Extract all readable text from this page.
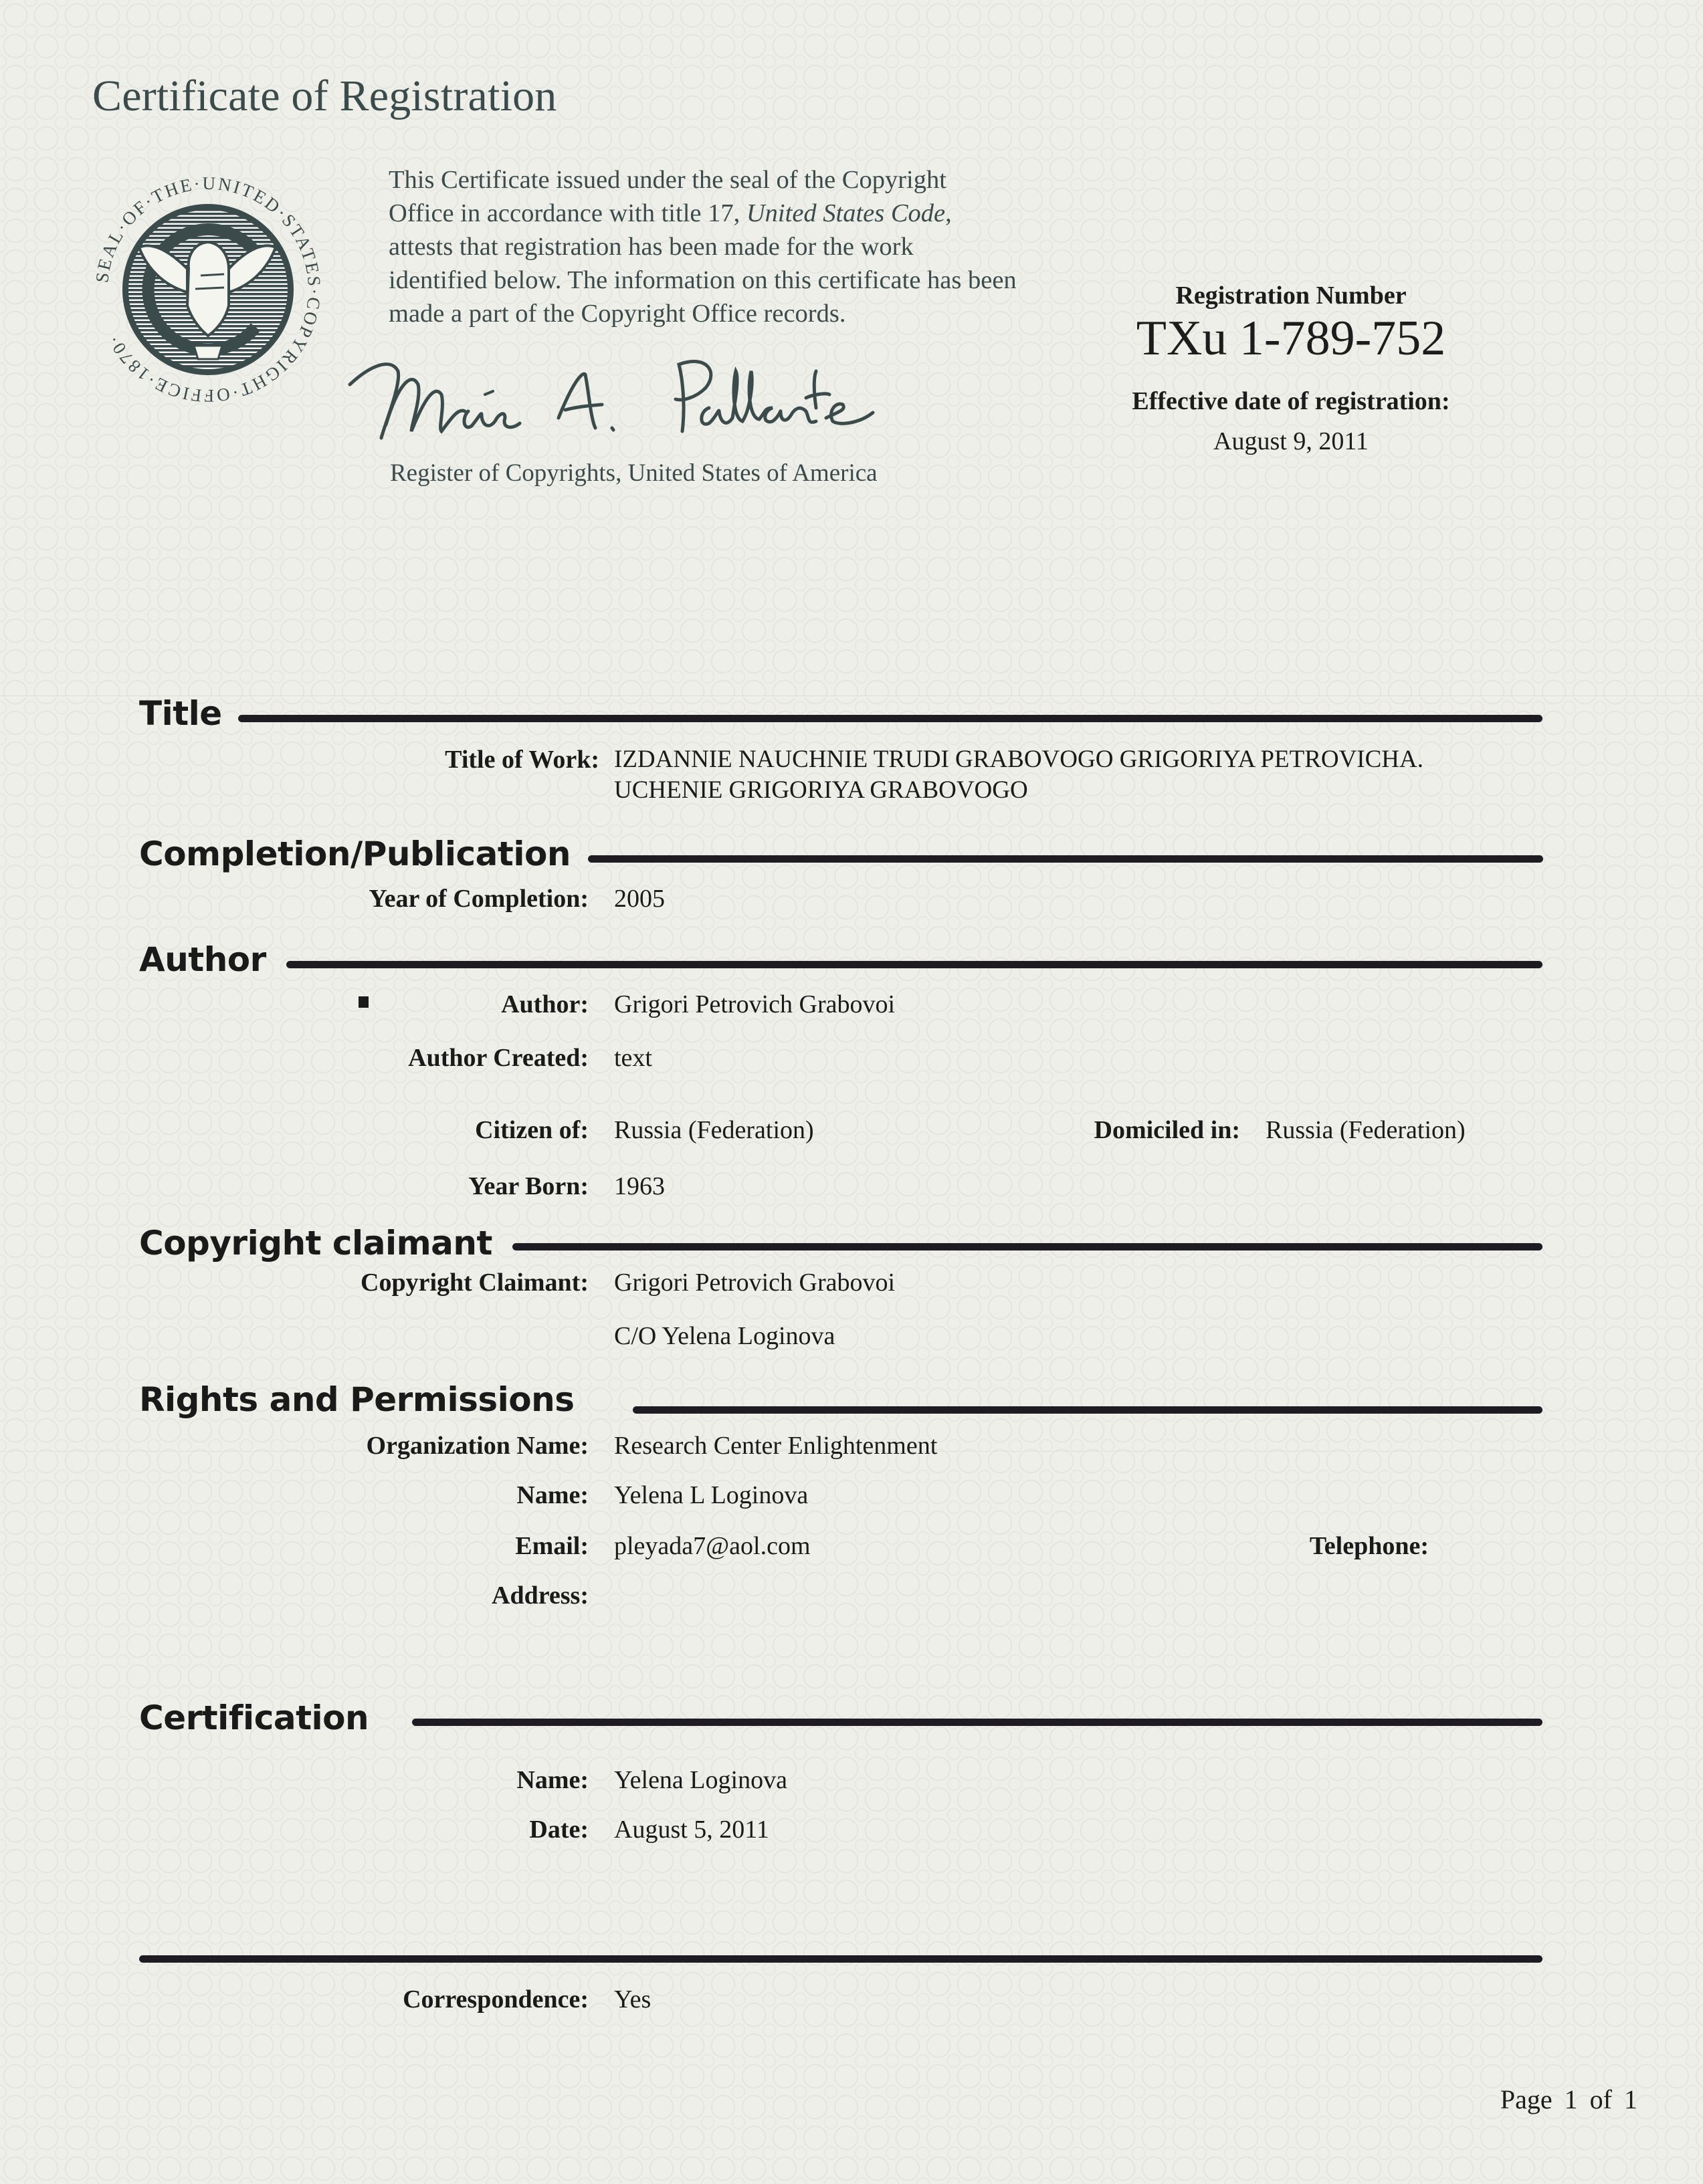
Certificate of Registration
SEAL·OF·THE·UNITED·STATES·COPYRIGHT·OFFICE·1870·
This Certificate issued under the seal of the Copyright Office in accordance with title 17, United States Code, attests that registration has been made for the work identified below. The information on this certificate has been made a part of the Copyright Office records.
Register of Copyrights, United States of America
Registration Number
TXu 1-789-752
Effective date of registration:
August 9, 2011
Title
Title of Work: IZDANNIE NAUCHNIE TRUDI GRABOVOGO GRIGORIYA PETROVICHA.
UCHENIE GRIGORIYA GRABOVOGO
Completion/Publication
Year of Completion: 2005
Author
Author: Grigori Petrovich Grabovoi
Author Created: text
Citizen of: Russia (Federation)	Domiciled in: Russia (Federation)
Year Born: 1963
Copyright claimant
Copyright Claimant: Grigori Petrovich Grabovoi
C/O Yelena Loginova
Rights and Permissions
Organization Name: Research Center Enlightenment
Name: Yelena L Loginova
Email: pleyada7@aol.com	Telephone:
Address:
Certification
Name: Yelena Loginova
Date: August 5, 2011
Correspondence: Yes
Page 1 of 1
